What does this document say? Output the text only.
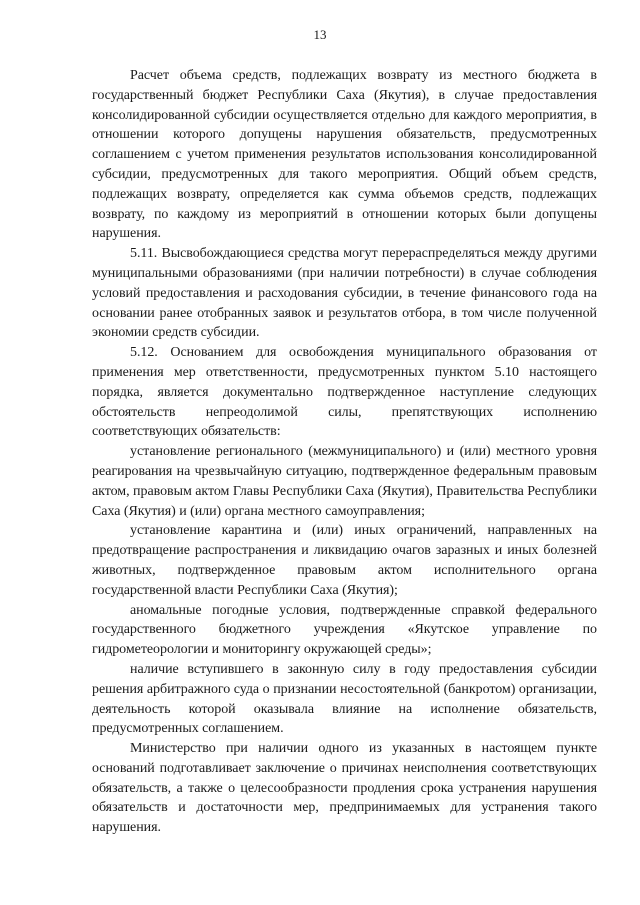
13

Расчет объема средств, подлежащих возврату из местного бюджета в государственный бюджет Республики Саха (Якутия), в случае предоставления консолидированной субсидии осуществляется отдельно для каждого мероприятия, в отношении которого допущены нарушения обязательств, предусмотренных соглашением с учетом применения результатов использования консолидированной субсидии, предусмотренных для такого мероприятия. Общий объем средств, подлежащих возврату, определяется как сумма объемов средств, подлежащих возврату, по каждому из мероприятий в отношении которых были допущены нарушения.

5.11. Высвобождающиеся средства могут перераспределяться между другими муниципальными образованиями (при наличии потребности) в случае соблюдения условий предоставления и расходования субсидии, в течение финансового года на основании ранее отобранных заявок и результатов отбора, в том числе полученной экономии средств субсидии.

5.12. Основанием для освобождения муниципального образования от применения мер ответственности, предусмотренных пунктом 5.10 настоящего порядка, является документально подтвержденное наступление следующих обстоятельств непреодолимой силы, препятствующих исполнению соответствующих обязательств:

установление регионального (межмуниципального) и (или) местного уровня реагирования на чрезвычайную ситуацию, подтвержденное федеральным правовым актом, правовым актом Главы Республики Саха (Якутия), Правительства Республики Саха (Якутия) и (или) органа местного самоуправления;

установление карантина и (или) иных ограничений, направленных на предотвращение распространения и ликвидацию очагов заразных и иных болезней животных, подтвержденное правовым актом исполнительного органа государственной власти Республики Саха (Якутия);

аномальные погодные условия, подтвержденные справкой федерального государственного бюджетного учреждения «Якутское управление по гидрометеорологии и мониторингу окружающей среды»;

наличие вступившего в законную силу в году предоставления субсидии решения арбитражного суда о признании несостоятельной (банкротом) организации, деятельность которой оказывала влияние на исполнение обязательств, предусмотренных соглашением.

Министерство при наличии одного из указанных в настоящем пункте оснований подготавливает заключение о причинах неисполнения соответствующих обязательств, а также о целесообразности продления срока устранения нарушения обязательств и достаточности мер, предпринимаемых для устранения такого нарушения.
